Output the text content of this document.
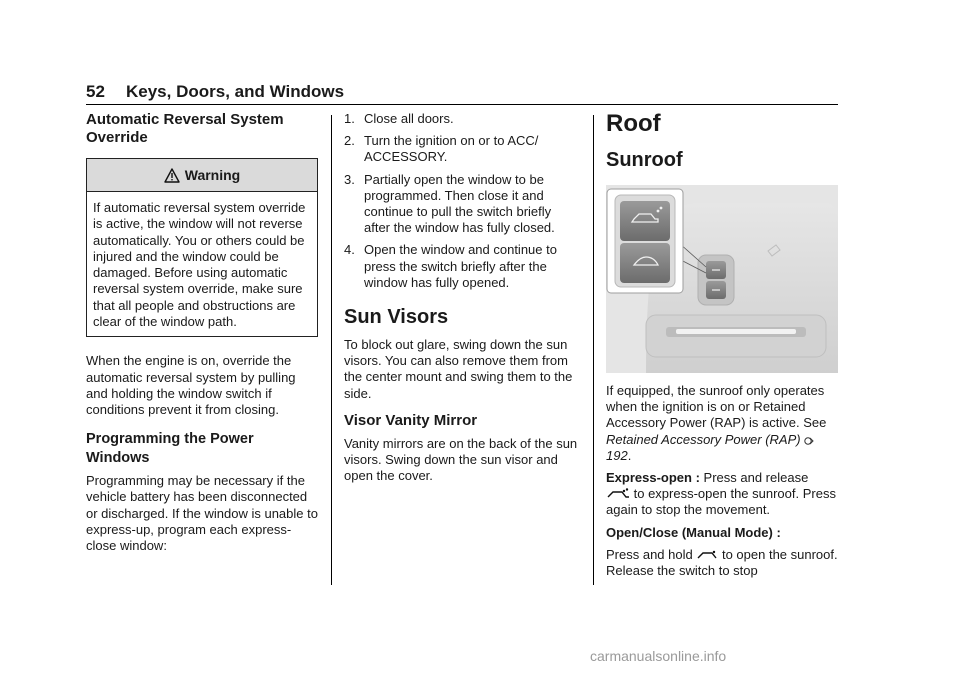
52 Keys, Doors, and Windows
Automatic Reversal System Override
Warning
If automatic reversal system override is active, the window will not reverse automatically. You or others could be injured and the window could be damaged. Before using automatic reversal system override, make sure that all people and obstructions are clear of the window path.

When the engine is on, override the automatic reversal system by pulling and holding the window switch if conditions prevent it from closing.

Programming the Power Windows

Programming may be necessary if the vehicle battery has been disconnected or discharged. If the window is unable to express-up, program each express-close window:

1. Close all doors.
2. Turn the ignition on or to ACC/ ACCESSORY.
3. Partially open the window to be programmed. Then close it and continue to pull the switch briefly after the window has fully closed.
4. Open the window and continue to press the switch briefly after the window has fully opened.
Sun Visors

To block out glare, swing down the sun visors. You can also remove them from the center mount and swing them to the side.

Visor Vanity Mirror

Vanity mirrors are on the back of the sun visors. Swing down the sun visor and open the cover.

Roof
Sunroof

If equipped, the sunroof only operates when the ignition is on or Retained Accessory Power (RAP) is active. See Retained Accessory Power (RAP) 192.

Express-open : Press and release
to express-open the sunroof. Press again to stop the movement.

Open/Close (Manual Mode) :

Press and hold  to open the sunroof. Release the switch to stop

carmanualsonline.info
